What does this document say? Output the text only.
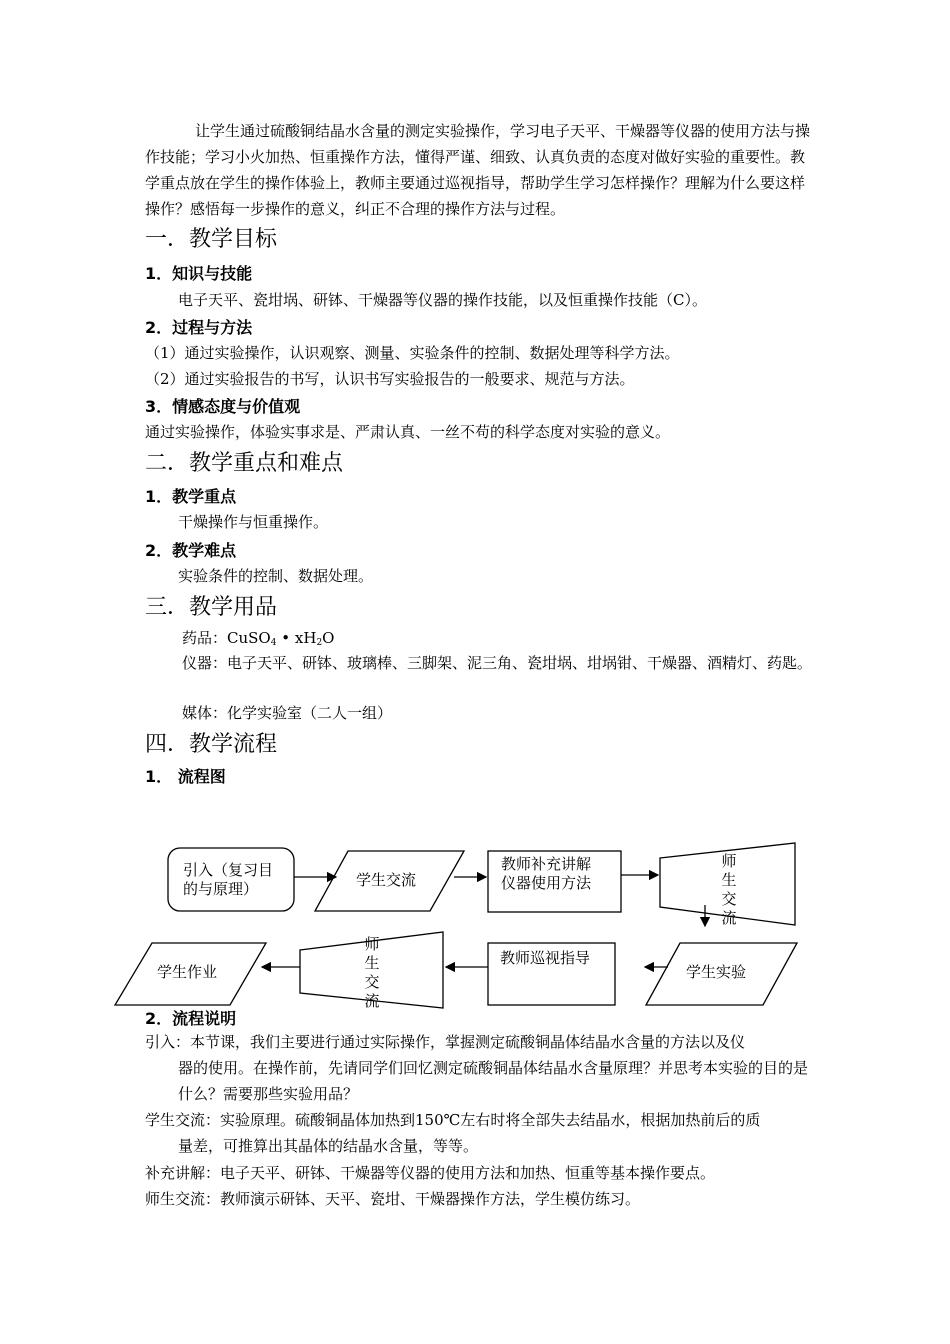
让学生通过硫酸铜结晶水含量的测定实验操作，学习电子天平、干燥器等仪器的使用方法与操作技能；学习小火加热、恒重操作方法，懂得严谨、细致、认真负责的态度对做好实验的重要性。教学重点放在学生的操作体验上，教师主要通过巡视指导，帮助学生学习怎样操作？理解为什么要这样操作？感悟每一步操作的意义，纠正不合理的操作方法与过程。
一．教学目标
1．知识与技能
电子天平、瓷坩埚、研钵、干燥器等仪器的操作技能，以及恒重操作技能（C）。
2．过程与方法
（1）通过实验操作，认识观察、测量、实验条件的控制、数据处理等科学方法。
（2）通过实验报告的书写，认识书写实验报告的一般要求、规范与方法。
3．情感态度与价值观
通过实验操作，体验实事求是、严肃认真、一丝不苟的科学态度对实验的意义。
二．教学重点和难点
1．教学重点
干燥操作与恒重操作。
2．教学难点
实验条件的控制、数据处理。
三．教学用品
药品：CuSO$_4$ • $xH_2O$
仪器：电子天平、研钵、玻璃棒、三脚架、泥三角、瓷坩埚、坩埚钳、干燥器、酒精灯、药匙。
媒体：化学实验室（二人一组）
四．教学流程
1． 流程图
引入（复习目
的与原理）	学生交流
教师补充讲解
仪器使用方法
师
生
交
流
学生实验
教师巡视指导
师
生
交
流
学生作业
2．流程说明
引入：本节课，我们主要进行通过实际操作，掌握测定硫酸铜晶体结晶水含量的方法以及仪
器的使用。在操作前，先请同学们回忆测定硫酸铜晶体结晶水含量原理？并思考本实验的目的是什么？需要那些实验用品？
学生交流：实验原理。硫酸铜晶体加热到150℃左右时将全部失去结晶水，根据加热前后的质
量差，可推算出其晶体的结晶水含量，等等。
补充讲解：电子天平、研钵、干燥器等仪器的使用方法和加热、恒重等基本操作要点。
师生交流：教师演示研钵、天平、瓷坩、干燥器操作方法，学生模仿练习。
